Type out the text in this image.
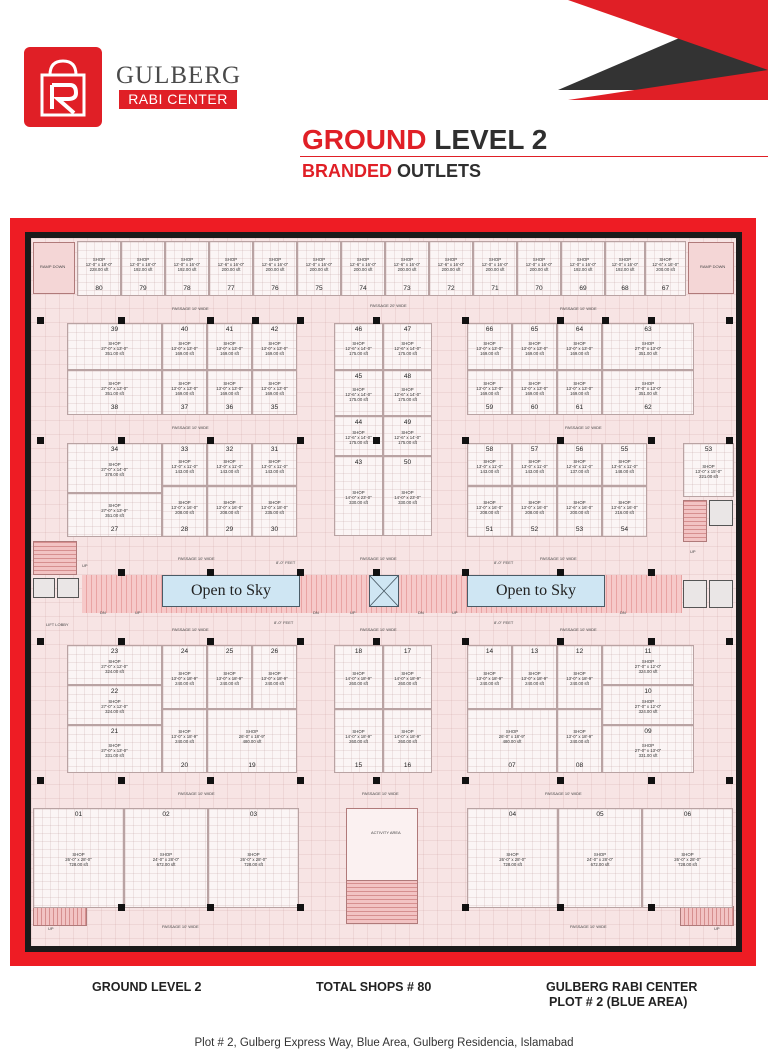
GULBERG
RABI CENTER
GROUND LEVEL 2
BRANDED OUTLETS
RAMP DOWN	RAMP DOWN
Open to Sky	Open to Sky
LIFT LOBBY
ACTIVITY AREA
PASSAGE 20' WIDE
PASSAGE 10' WIDE	PASSAGE 10' WIDE
PASSAGE 10' WIDE	PASSAGE 10' WIDE
PASSAGE 10' WIDE	PASSAGE 10' WIDE	PASSAGE 10' WIDE
8'-0" FEET	8'-0" FEET
PASSAGE 10' WIDE	PASSAGE 10' WIDE	PASSAGE 10' WIDE
8'-0" FEET	8'-0" FEET
PASSAGE 10' WIDE	PASSAGE 10' WIDE	PASSAGE 10' WIDE
PASSAGE 10' WIDE	PASSAGE 10' WIDE
UP
UP
DN	DN	UP	DN	UP	DN
UP	UP
UP
80
SHOP
12'-0" x 18'-0"
228.00 sft
79
SHOP
12'-0" x 18'-0"
192.00 sft
78
SHOP
12'-0" x 16'-0"
192.00 sft
77
SHOP
12'-6" x 16'-0"
200.00 sft
76
SHOP
12'-6" x 16'-0"
200.00 sft
75
SHOP
12'-0" x 16'-0"
200.00 sft
74
SHOP
12'-6" x 16'-0"
200.00 sft
73
SHOP
12'-6" x 16'-0"
200.00 sft
72
SHOP
12'-6" x 16'-0"
200.00 sft
71
SHOP
12'-0" x 16'-0"
200.00 sft
70
SHOP
12'-0" x 16'-0"
200.00 sft
69
SHOP
12'-0" x 16'-0"
192.00 sft
68
SHOP
12'-0" x 16'-0"
192.00 sft
67
SHOP
12'-6" x 16'-0"
200.00 sft
39
SHOP
27'-0" x 13'-0"
351.00 sft
40
SHOP
13'-0" x 13'-0"
169.00 sft
41
SHOP
13'-0" x 13'-0"
169.00 sft
42
SHOP
13'-0" x 13'-0"
169.00 sft
38
SHOP
27'-0" x 13'-0"
351.00 sft
37
SHOP
13'-0" x 13'-0"
169.00 sft
36
SHOP
13'-0" x 13'-0"
169.00 sft
35
SHOP
13'-0" x 13'-0"
169.00 sft
46
SHOP
12'-6" x 14'-0"
175.00 sft
47
SHOP
12'-6" x 14'-0"
175.00 sft
45
SHOP
12'-6" x 14'-0"
175.00 sft
48
SHOP
12'-6" x 14'-0"
175.00 sft
44
SHOP
12'-6" x 14'-0"
175.00 sft
49
SHOP
12'-6" x 14'-0"
175.00 sft
43
SHOP
14'-0" x 23'-0"
330.00 sft
50
SHOP
14'-0" x 23'-0"
330.00 sft
66
SHOP
13'-0" x 13'-0"
169.00 sft
65
SHOP
13'-0" x 13'-0"
169.00 sft
64
SHOP
13'-0" x 13'-0"
169.00 sft
63
SHOP
27'-0" x 13'-0"
351.00 sft
59
SHOP
13'-0" x 13'-0"
169.00 sft
60
SHOP
13'-0" x 13'-0"
169.00 sft
61
SHOP
13'-0" x 13'-0"
169.00 sft
62
SHOP
27'-0" x 13'-0"
351.00 sft
34
SHOP
27'-0" x 14'-0"
378.00 sft
33
SHOP
13'-0" x 11'-0"
143.00 sft
32
SHOP
13'-0" x 11'-0"
143.00 sft
31
SHOP
13'-0" x 11'-0"
143.00 sft
27
SHOP
27'-0" x 13'-0"
351.00 sft
28
SHOP
13'-0" x 16'-0"
208.00 sft
29
SHOP
13'-0" x 16'-0"
208.00 sft
30
SHOP
13'-0" x 18'-0"
235.00 sft
58
SHOP
13'-0" x 11'-0"
143.00 sft
57
SHOP
13'-0" x 11'-0"
143.00 sft
56
SHOP
12'-6" x 11'-0"
137.00 sft
55
SHOP
13'-6" x 11'-0"
148.00 sft
51
SHOP
13'-0" x 16'-0"
208.00 sft
52
SHOP
13'-0" x 16'-0"
208.00 sft
53
SHOP
12'-6" x 16'-0"
200.00 sft
54
SHOP
13'-6" x 16'-0"
216.00 sft
53
SHOP
13'-0" x 15'-0"
221.00 sft
23
SHOP
27'-0" x 12'-0"
324.00 sft
24
SHOP
13'-0" x 18'-9"
240.00 sft
25
SHOP
13'-0" x 18'-9"
240.00 sft
26
SHOP
13'-0" x 18'-9"
240.00 sft
22
SHOP
27'-0" x 12'-0"
324.00 sft
21
SHOP
27'-0" x 13'-0"
331.00 sft
20
SHOP
13'-0" x 18'-9"
240.00 sft
19
SHOP
26'-0" x 18'-9"
480.00 sft
18
SHOP
14'-0" x 18'-9"
260.00 sft
17
SHOP
14'-0" x 18'-9"
260.00 sft
15
SHOP
14'-0" x 18'-9"
260.00 sft
16
SHOP
14'-0" x 18'-9"
260.00 sft
14
SHOP
13'-0" x 18'-9"
240.00 sft
13
SHOP
13'-0" x 18'-9"
240.00 sft
12
SHOP
13'-0" x 18'-9"
240.00 sft
11
SHOP
27'-0" x 12'-0"
324.00 sft
10
SHOP
27'-0" x 12'-0"
324.00 sft
09
SHOP
27'-0" x 13'-0"
331.00 sft
07
SHOP
26'-0" x 18'-9"
480.00 sft
08
SHOP
13'-0" x 18'-9"
240.00 sft
01
SHOP
26'-0" x 28'-0"
728.00 sft
02
SHOP
24'-0" x 28'-0"
672.00 sft
03
SHOP
26'-0" x 28'-0"
728.00 sft
04
SHOP
26'-0" x 28'-0"
728.00 sft
05
SHOP
24'-0" x 28'-0"
672.00 sft
06
SHOP
26'-0" x 28'-0"
728.00 sft
GROUND LEVEL 2	TOTAL SHOPS # 80	GULBERG RABI CENTER
PLOT # 2 (BLUE AREA)
Plot # 2, Gulberg Express Way, Blue Area, Gulberg Residencia, Islamabad
